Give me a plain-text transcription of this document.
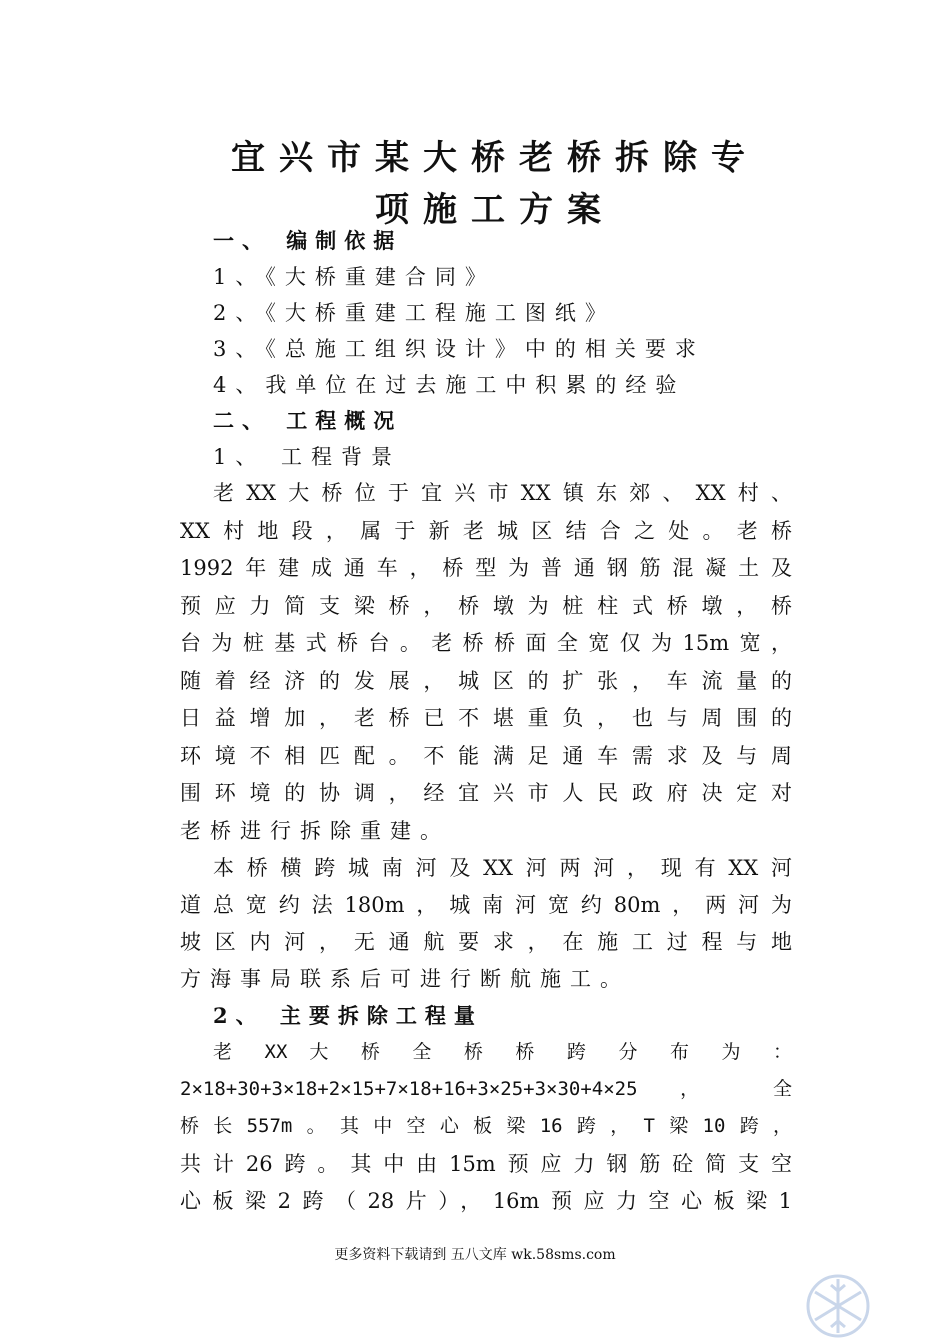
宜兴市某大桥老桥拆除专
项施工方案
一、 编制依据
1、《大桥重建合同》
2、《大桥重建工程施工图纸》
3、《总施工组织设计》中的相关要求
4、我单位在过去施工中积累的经验
二、 工程概况
1、 工程背景
老XX大桥位于宜兴市XX镇东郊、XX村、
XX村地段，属于新老城区结合之处。老桥
1992年建成通车，桥型为普通钢筋混凝土及
预应力简支梁桥，桥墩为桩柱式桥墩，桥
台为桩基式桥台。老桥桥面全宽仅为15m宽，
随着经济的发展，城区的扩张，车流量的
日益增加，老桥已不堪重负，也与周围的
环境不相匹配。不能满足通车需求及与周
围环境的协调，经宜兴市人民政府决定对
老桥进行拆除重建。
本桥横跨城南河及XX河两河，现有XX河
道总宽约法180m，城南河宽约80m，两河为
坡区内河，无通航要求，在施工过程与地
方海事局联系后可进行断航施工。
2、 主要拆除工程量
老 XX 大 桥 全 桥 桥 跨 分 布 为 ：
2×18+30+3×18+2×15+7×18+16+3×25+3×30+4×25 ， 全
桥长557m。其中空心板梁16跨，T梁10跨，
共计26跨。其中由15m预应力钢筋砼简支空
心板梁2跨（28片），16m预应力空心板梁1
更多资料下载请到 五八文库 wk.58sms.com
